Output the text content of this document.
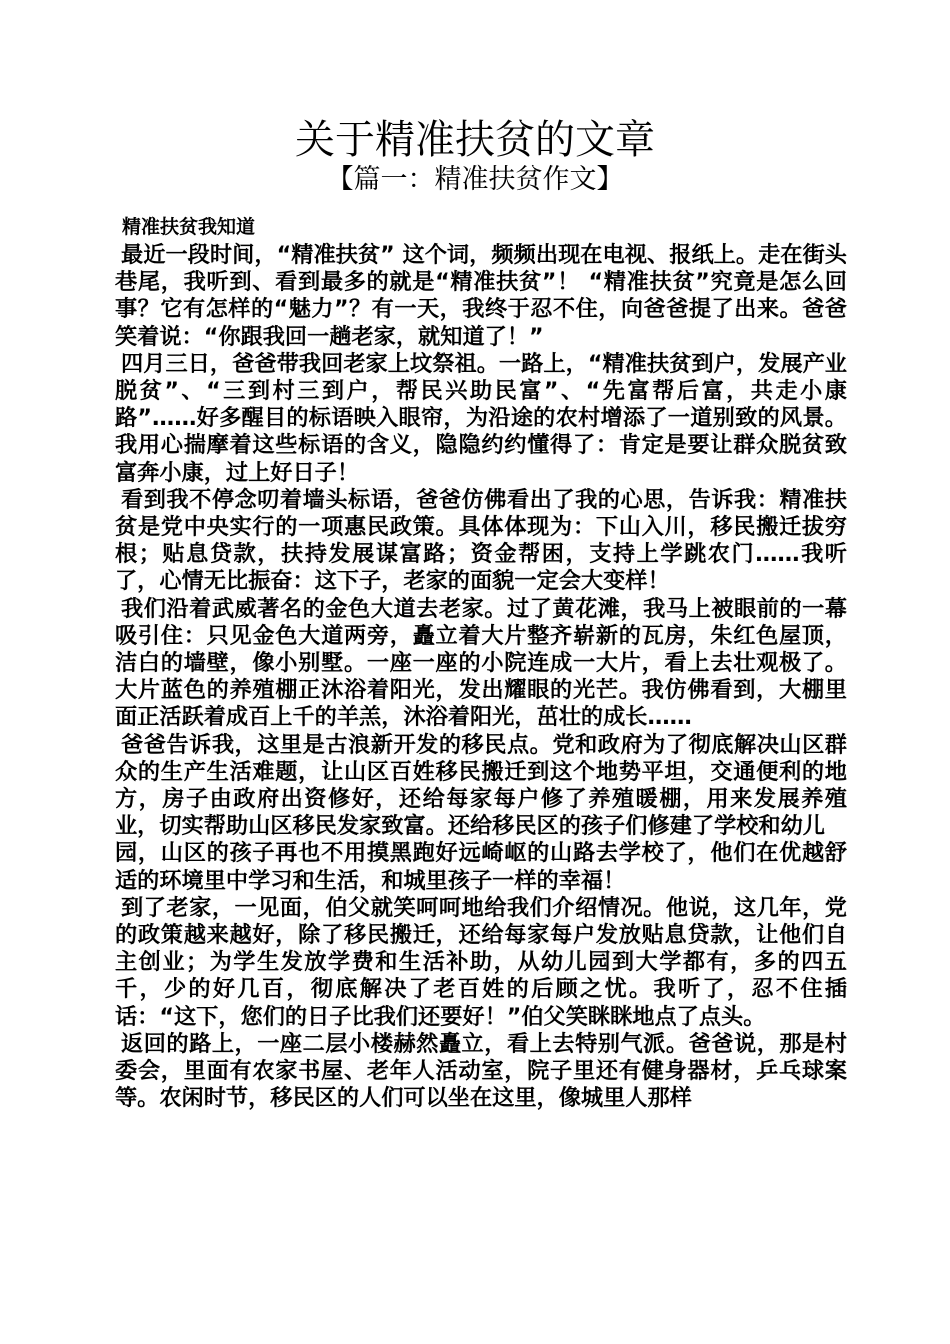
关于精准扶贫的文章
【篇一：精准扶贫作文】

精准扶贫我知道

最近一段时间，“精准扶贫” 这个词，频频出现在电视、报纸上。走在街头巷尾，我听到、看到最多的就是“精准扶贫”！ “精准扶贫”究竟是怎么回事？它有怎样的“魅力”？有一天，我终于忍不住，向爸爸提了出来。爸爸笑着说：“你跟我回一趟老家，就知道了！”

四月三日，爸爸带我回老家上坟祭祖。一路上，“精准扶贫到户，发展产业脱贫”、“三到村三到户，帮民兴助民富”、“先富帮后富，共走小康路”……好多醒目的标语映入眼帘，为沿途的农村增添了一道别致的风景。我用心揣摩着这些标语的含义，隐隐约约懂得了：肯定是要让群众脱贫致富奔小康，过上好日子！

看到我不停念叨着墙头标语，爸爸仿佛看出了我的心思，告诉我：精准扶贫是党中央实行的一项惠民政策。具体体现为：下山入川，移民搬迁拔穷根；贴息贷款，扶持发展谋富路；资金帮困，支持上学跳农门……我听了，心情无比振奋：这下子，老家的面貌一定会大变样！

我们沿着武威著名的金色大道去老家。过了黄花滩，我马上被眼前的一幕吸引住：只见金色大道两旁，矗立着大片整齐崭新的瓦房，朱红色屋顶，洁白的墙壁，像小别墅。一座一座的小院连成一大片，看上去壮观极了。大片蓝色的养殖棚正沐浴着阳光，发出耀眼的光芒。我仿佛看到，大棚里面正活跃着成百上千的羊羔，沐浴着阳光，茁壮的成长……

爸爸告诉我，这里是古浪新开发的移民点。党和政府为了彻底解决山区群众的生产生活难题，让山区百姓移民搬迁到这个地势平坦，交通便利的地方，房子由政府出资修好，还给每家每户修了养殖暖棚，用来发展养殖业，切实帮助山区移民发家致富。还给移民区的孩子们修建了学校和幼儿

园，山区的孩子再也不用摸黑跑好远崎岖的山路去学校了，他们在优越舒适的环境里中学习和生活，和城里孩子一样的幸福！

到了老家，一见面，伯父就笑呵呵地给我们介绍情况。他说，这几年，党的政策越来越好，除了移民搬迁，还给每家每户发放贴息贷款，让他们自主创业；为学生发放学费和生活补助，从幼儿园到大学都有，多的四五千，少的好几百，彻底解决了老百姓的后顾之忧。我听了，忍不住插话：“这下，您们的日子比我们还要好！”伯父笑眯眯地点了点头。

返回的路上，一座二层小楼赫然矗立，看上去特别气派。爸爸说，那是村委会，里面有农家书屋、老年人活动室，院子里还有健身器材，乒乓球案等。农闲时节，移民区的人们可以坐在这里，像城里人那样
